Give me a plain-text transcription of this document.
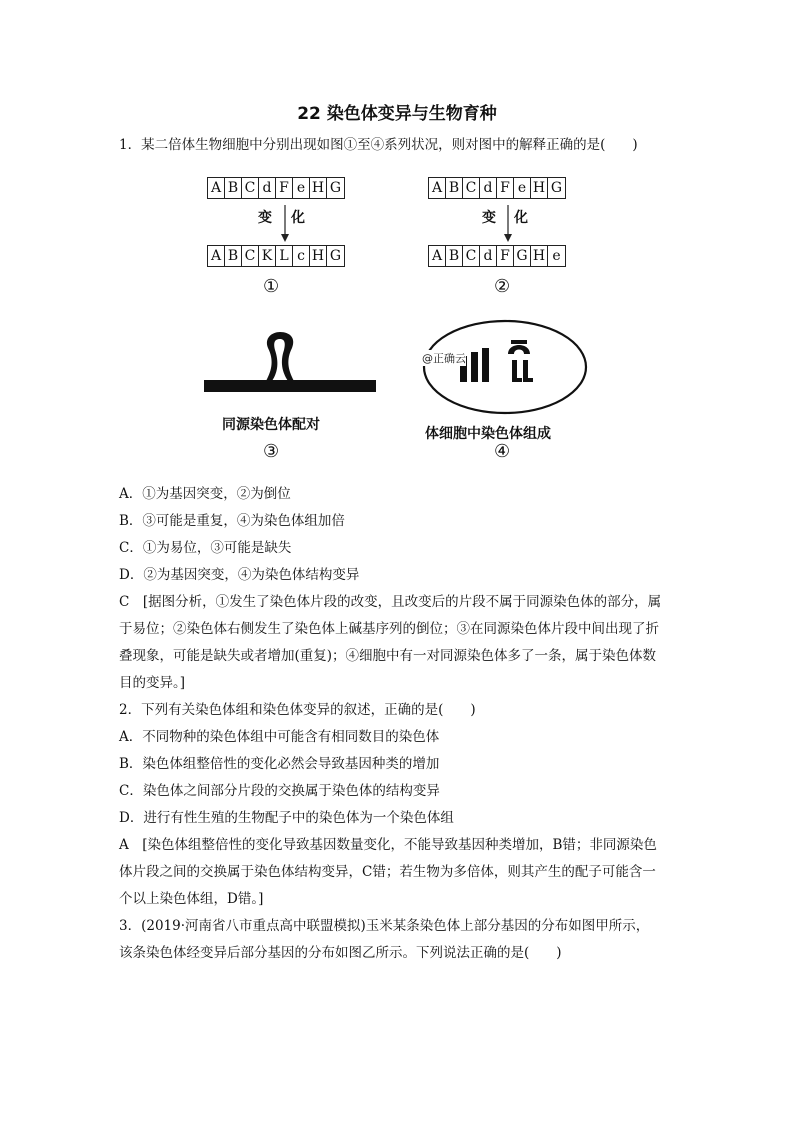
22 染色体变异与生物育种
1．某二倍体生物细胞中分别出现如图①至④系列状况，则对图中的解释正确的是(　　)
A B C d F e H G
变 化
A B C K L c H G
①
A B C d F e H G
变 化
A B C d F G H e
②
同源染色体配对
③
@正确云
体细胞中染色体组成
④
A．①为基因突变，②为倒位
B．③可能是重复，④为染色体组加倍
C．①为易位，③可能是缺失
D．②为基因突变，④为染色体结构变异
C　[据图分析，①发生了染色体片段的改变，且改变后的片段不属于同源染色体的部分，属
于易位；②染色体右侧发生了染色体上碱基序列的倒位；③在同源染色体片段中间出现了折
叠现象，可能是缺失或者增加(重复)；④细胞中有一对同源染色体多了一条，属于染色体数
目的变异。]
2．下列有关染色体组和染色体变异的叙述，正确的是(　　)
A．不同物种的染色体组中可能含有相同数目的染色体
B．染色体组整倍性的变化必然会导致基因种类的增加
C．染色体之间部分片段的交换属于染色体的结构变异
D．进行有性生殖的生物配子中的染色体为一个染色体组
A　[染色体组整倍性的变化导致基因数量变化，不能导致基因种类增加，B错；非同源染色
体片段之间的交换属于染色体结构变异，C错；若生物为多倍体，则其产生的配子可能含一
个以上染色体组，D错。]
3．(2019·河南省八市重点高中联盟模拟)玉米某条染色体上部分基因的分布如图甲所示，
该条染色体经变异后部分基因的分布如图乙所示。下列说法正确的是(　　)
